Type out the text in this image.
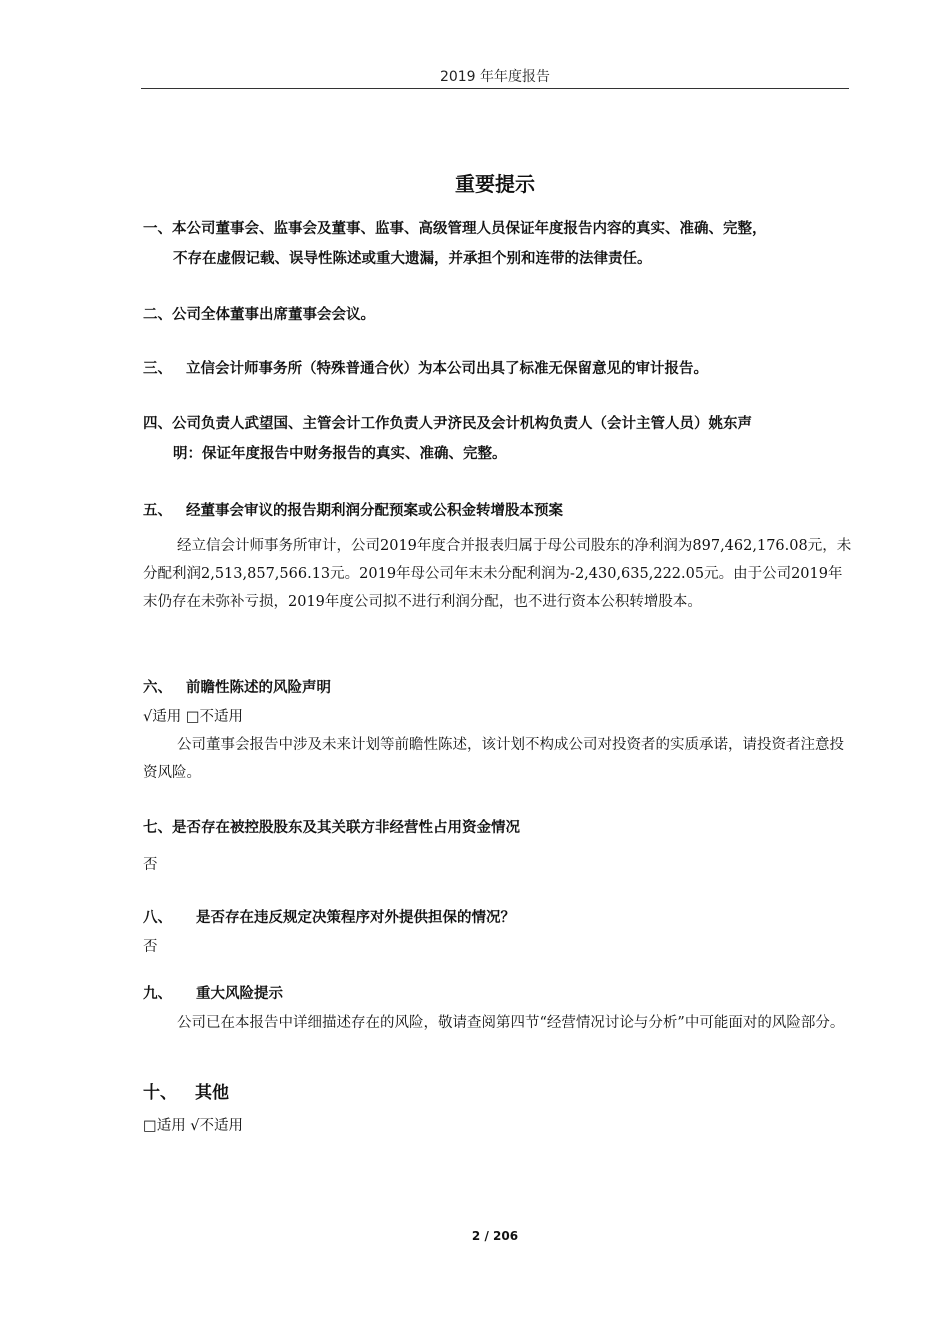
2019 年年度报告
重要提示
一、本公司董事会、监事会及董事、监事、高级管理人员保证年度报告内容的真实、准确、完整，
不存在虚假记载、误导性陈述或重大遗漏，并承担个别和连带的法律责任。
二、公司全体董事出席董事会会议。
三、 立信会计师事务所（特殊普通合伙）为本公司出具了标准无保留意见的审计报告。
四、公司负责人武望国、主管会计工作负责人尹济民及会计机构负责人（会计主管人员）姚东声
明：保证年度报告中财务报告的真实、准确、完整。
五、 经董事会审议的报告期利润分配预案或公积金转增股本预案
经立信会计师事务所审计，公司2019年度合并报表归属于母公司股东的净利润为897,462,176.08元，未分配利润2,513,857,566.13元。2019年母公司年末未分配利润为-2,430,635,222.05元。由于公司2019年末仍存在未弥补亏损，2019年度公司拟不进行利润分配，也不进行资本公积转增股本。
六、 前瞻性陈述的风险声明
√适用 □不适用
公司董事会报告中涉及未来计划等前瞻性陈述，该计划不构成公司对投资者的实质承诺，请投资者注意投资风险。
七、是否存在被控股股东及其关联方非经营性占用资金情况
否
八、 是否存在违反规定决策程序对外提供担保的情况？
否
九、 重大风险提示
公司已在本报告中详细描述存在的风险，敬请查阅第四节“经营情况讨论与分析”中可能面对的风险部分。
十、 其他
□适用 √不适用
2 / 206
